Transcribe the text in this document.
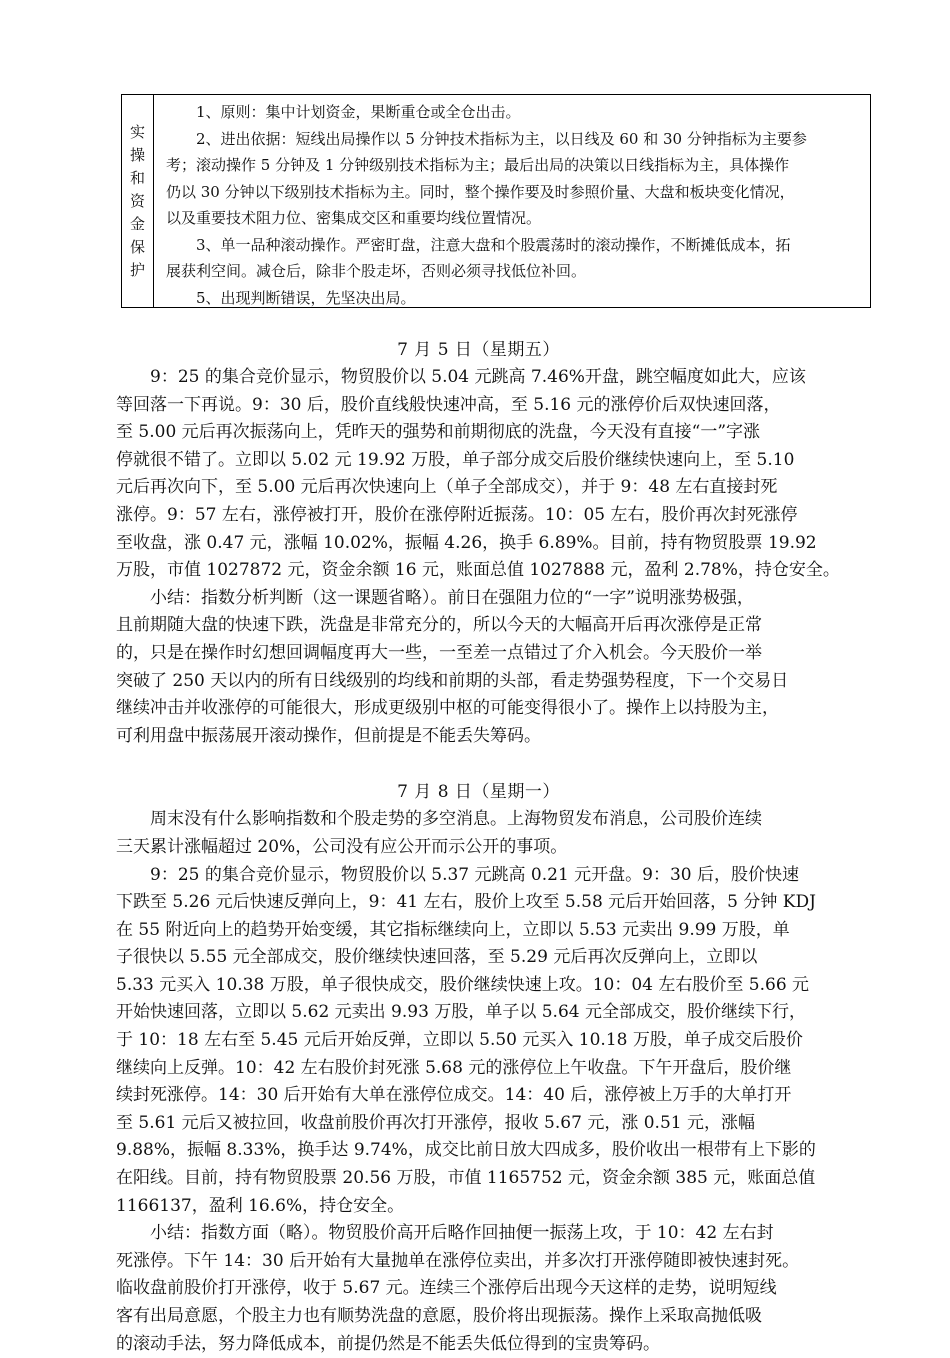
实
操
和
资
金
保
护

1、原则：集中计划资金，果断重仓或全仓出击。

2、进出依据：短线出局操作以 5 分钟技术指标为主，以日线及 60 和 30 分钟指标为主要参

考；滚动操作 5 分钟及 1 分钟级别技术指标为主；最后出局的决策以日线指标为主，具体操作

仍以 30 分钟以下级别技术指标为主。同时，整个操作要及时参照价量、大盘和板块变化情况，

以及重要技术阻力位、密集成交区和重要均线位置情况。

3、单一品种滚动操作。严密盯盘，注意大盘和个股震荡时的滚动操作，不断摊低成本，拓

展获利空间。减仓后，除非个股走坏，否则必须寻找低位补回。

5、出现判断错误，先坚决出局。

7 月 5 日（星期五）

9：25 的集合竞价显示，物贸股价以 5.04 元跳高 7.46%开盘，跳空幅度如此大，应该

等回落一下再说。9：30 后，股价直线般快速冲高，至 5.16 元的涨停价后双快速回落，

至 5.00 元后再次振荡向上，凭昨天的强势和前期彻底的洗盘，今天没有直接“一”字涨

停就很不错了。立即以 5.02 元 19.92 万股，单子部分成交后股价继续快速向上，至 5.10

元后再次向下，至 5.00 元后再次快速向上（单子全部成交），并于 9：48 左右直接封死

涨停。9：57 左右，涨停被打开，股价在涨停附近振荡。10：05 左右，股价再次封死涨停

至收盘，涨 0.47 元，涨幅 10.02%，振幅 4.26，换手 6.89%。目前，持有物贸股票 19.92

万股，市值 1027872 元，资金余额 16 元，账面总值 1027888 元，盈利 2.78%，持仓安全。

小结：指数分析判断（这一课题省略）。前日在强阻力位的“一字”说明涨势极强，

且前期随大盘的快速下跌，洗盘是非常充分的，所以今天的大幅高开后再次涨停是正常

的，只是在操作时幻想回调幅度再大一些，一至差一点错过了介入机会。今天股价一举

突破了 250 天以内的所有日线级别的均线和前期的头部，看走势强势程度，下一个交易日

继续冲击并收涨停的可能很大，形成更级别中枢的可能变得很小了。操作上以持股为主，

可利用盘中振荡展开滚动操作，但前提是不能丢失筹码。

7 月 8 日（星期一）

周末没有什么影响指数和个股走势的多空消息。上海物贸发布消息，公司股价连续

三天累计涨幅超过 20%，公司没有应公开而示公开的事项。

9：25 的集合竞价显示，物贸股价以 5.37 元跳高 0.21 元开盘。9：30 后，股价快速

下跌至 5.26 元后快速反弹向上，9：41 左右，股价上攻至 5.58 元后开始回落，5 分钟 KDJ

在 55 附近向上的趋势开始变缓，其它指标继续向上，立即以 5.53 元卖出 9.99 万股，单

子很快以 5.55 元全部成交，股价继续快速回落，至 5.29 元后再次反弹向上，立即以

5.33 元买入 10.38 万股，单子很快成交，股价继续快速上攻。10：04 左右股价至 5.66 元

开始快速回落，立即以 5.62 元卖出 9.93 万股，单子以 5.64 元全部成交，股价继续下行，

于 10：18 左右至 5.45 元后开始反弹，立即以 5.50 元买入 10.18 万股，单子成交后股价

继续向上反弹。10：42 左右股价封死涨 5.68 元的涨停位上午收盘。下午开盘后，股价继

续封死涨停。14：30 后开始有大单在涨停位成交。14：40 后，涨停被上万手的大单打开

至 5.61 元后又被拉回，收盘前股价再次打开涨停，报收 5.67 元，涨 0.51 元，涨幅

9.88%，振幅 8.33%，换手达 9.74%，成交比前日放大四成多，股价收出一根带有上下影的

在阳线。目前，持有物贸股票 20.56 万股，市值 1165752 元，资金余额 385 元，账面总值

1166137，盈利 16.6%，持仓安全。

小结：指数方面（略）。物贸股价高开后略作回抽便一振荡上攻，于 10：42 左右封

死涨停。下午 14：30 后开始有大量抛单在涨停位卖出，并多次打开涨停随即被快速封死。

临收盘前股价打开涨停，收于 5.67 元。连续三个涨停后出现今天这样的走势，说明短线

客有出局意愿，个股主力也有顺势洗盘的意愿，股价将出现振荡。操作上采取高抛低吸

的滚动手法，努力降低成本，前提仍然是不能丢失低位得到的宝贵筹码。
